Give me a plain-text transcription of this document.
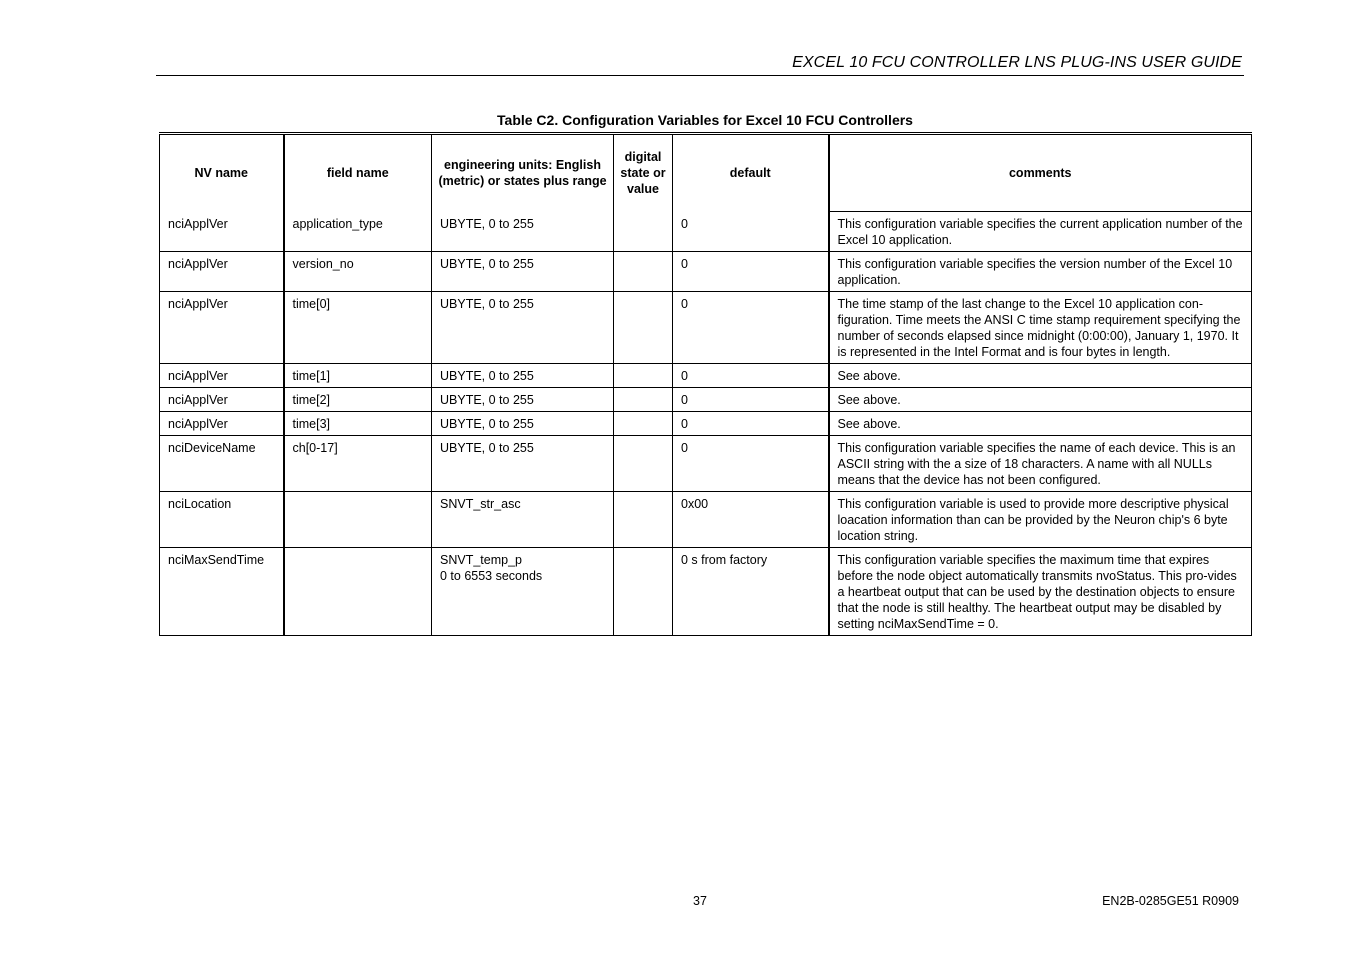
EXCEL 10 FCU CONTROLLER LNS PLUG-INS USER GUIDE
Table C2. Configuration Variables for Excel 10 FCU Controllers
NV name	field name	engineering units: English (metric) or states plus range	digital state or value	default	comments

nciApplVer	application_type	UBYTE, 0 to 255		0	This configuration variable specifies the current application number of the Excel 10 application.

nciApplVer	version_no	UBYTE, 0 to 255		0	This configuration variable specifies the version number of the Excel 10 application.

nciApplVer	time[0]	UBYTE, 0 to 255		0	The time stamp of the last change to the Excel 10 application con-figuration. Time meets the ANSI C time stamp requirement specifying the number of seconds elapsed since midnight (0:00:00), January 1, 1970. It is represented in the Intel Format and is four bytes in length.

nciApplVer	time[1]	UBYTE, 0 to 255		0	See above.

nciApplVer	time[2]	UBYTE, 0 to 255		0	See above.

nciApplVer	time[3]	UBYTE, 0 to 255		0	See above.

nciDeviceName	ch[0-17]	UBYTE, 0 to 255		0	This configuration variable specifies the name of each device. This is an ASCII string with the a size of 18 characters. A name with all NULLs means that the device has not been configured.

nciLocation		SNVT_str_asc		0x00	This configuration variable is used to provide more descriptive physical loacation information than can be provided by the Neuron chip's 6 byte location string.

nciMaxSendTime		SNVT_temp_p
0 to 6553 seconds		0 s from factory	This configuration variable specifies the maximum time that expires before the node object automatically transmits nvoStatus. This pro-vides a heartbeat output that can be used by the destination objects to ensure that the node is still healthy. The heartbeat output may be disabled by setting nciMaxSendTime = 0.
37	EN2B-0285GE51 R0909
